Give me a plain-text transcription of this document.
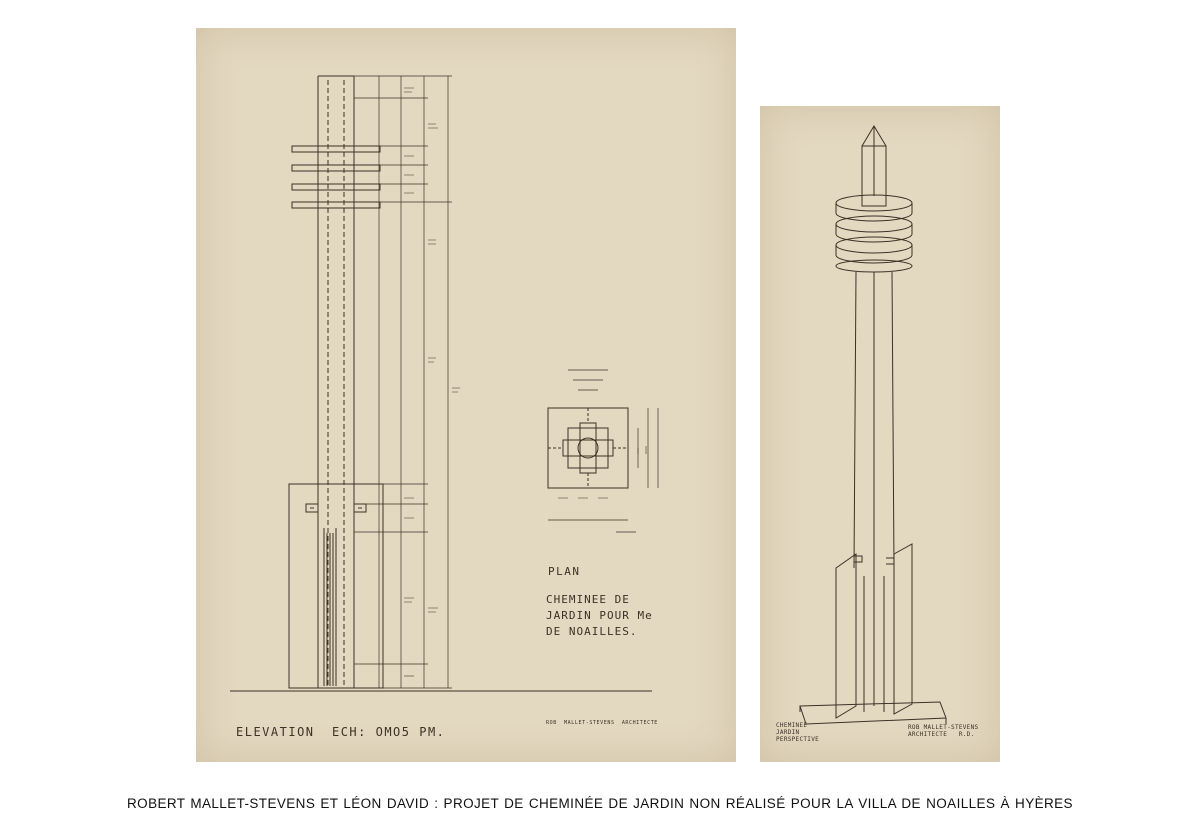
ELEVATION  ECH: OMO5 PM.
PLAN
CHEMINEE DE
JARDIN POUR Me
DE NOAILLES.
ROB  MALLET-STEVENS  ARCHITECTE	CHEMINEE
JARDIN
PERSPECTIVE
ROB MALLET-STEVENS
ARCHITECTE   R.D.
ROBERT MALLET-STEVENS ET LÉON DAVID : PROJET DE CHEMINÉE DE JARDIN NON RÉALISÉ POUR LA VILLA DE NOAILLES À HYÈRES
